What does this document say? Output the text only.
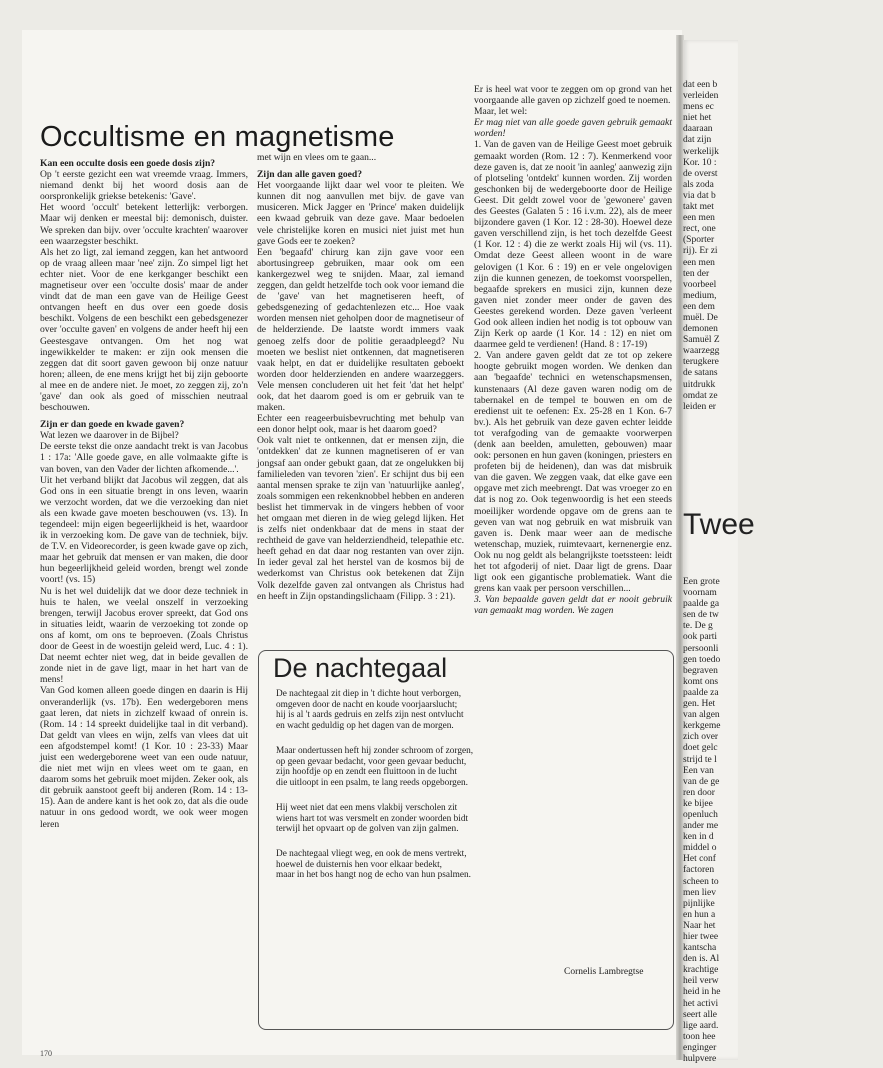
dat een b
verleiden
mens ec
niet het
daaraan
dat zijn
werkelijk
Kor. 10 :
de overst
als zoda
via dat b
takt met
een men
rect, one
(Sporter
rij). Er zi
een men
ten der
voorbeel
medium,
een dem
muël. De
demonen
Samuël Z
waarzegg
terugkere
de satans
uitdrukk
omdat ze
leiden er
Twee
Een grote
voornam
paalde ga
sen de tw
te. De g
ook parti
persoonli
gen toedo
begraven
komt ons
paalde za
gen. Het
van algen
kerkgeme
zich over
doet gelc
strijd te l
Een van
van de ge
ren door
ke bijee
openluch
ander me
ken in d
middel o
Het conf
factoren
scheen to
men liev
pijnlijke
en hun a
Naar het
hier twee
kantscha
den is. Al
krachtige
heil verw
heid in he
het activi
seert alle
lige aard.
toon hee
enginger
hulpvere
Occultisme en magnetisme

Kan een occulte dosis een goede dosis zijn?

Op 't eerste gezicht een wat vreemde vraag. Immers, niemand denkt bij het woord dosis aan de oorspronkelijk griekse betekenis: 'Gave'.

Het woord 'occult' betekent letterlijk: verborgen. Maar wij denken er meestal bij: demonisch, duister. We spreken dan bijv. over 'occulte krachten' waarover een waarzegster beschikt.

Als het zo ligt, zal iemand zeggen, kan het antwoord op de vraag alleen maar 'nee' zijn. Zo simpel ligt het echter niet. Voor de ene kerkganger beschikt een magnetiseur over een 'occulte dosis' maar de ander vindt dat de man een gave van de Heilige Geest ontvangen heeft en dus over een goede dosis beschikt. Volgens de een beschikt een gebedsgenezer over 'occulte gaven' en volgens de ander heeft hij een Geestesgave ontvangen. Om het nog wat ingewikkelder te maken: er zijn ook mensen die zeggen dat dit soort gaven gewoon bij onze natuur horen; alleen, de ene mens krijgt het bij zijn geboorte al mee en de andere niet. Je moet, zo zeggen zij, zo'n 'gave' dan ook als goed of misschien neutraal beschouwen.

Zijn er dan goede en kwade gaven?

Wat lezen we daarover in de Bijbel?

De eerste tekst die onze aandacht trekt is van Jacobus 1 : 17a: 'Alle goede gave, en alle volmaakte gifte is van boven, van den Vader der lichten afkomende...'.

Uit het verband blijkt dat Jacobus wil zeggen, dat als God ons in een situatie brengt in ons leven, waarin we verzocht worden, dat we die verzoeking dan niet als een kwade gave moeten beschouwen (vs. 13). In tegendeel: mijn eigen begeerlijkheid is het, waardoor ik in verzoeking kom. De gave van de techniek, bijv. de T.V. en Videorecorder, is geen kwade gave op zich, maar het gebruik dat mensen er van maken, die door hun begeerlijkheid geleid worden, brengt wel zonde voort! (vs. 15)

Nu is het wel duidelijk dat we door deze techniek in huis te halen, we veelal onszelf in verzoeking brengen, terwijl Jacobus erover spreekt, dat God ons in situaties leidt, waarin de verzoeking tot zonde op ons af komt, om ons te beproeven. (Zoals Christus door de Geest in de woestijn geleid werd, Luc. 4 : 1). Dat neemt echter niet weg, dat in beide gevallen de zonde niet in de gave ligt, maar in het hart van de mens!

Van God komen alleen goede dingen en daarin is Hij onveranderlijk (vs. 17b). Een wedergeboren mens gaat leren, dat niets in zichzelf kwaad of onrein is. (Rom. 14 : 14 spreekt duidelijke taal in dit verband). Dat geldt van vlees en wijn, zelfs van vlees dat uit een afgodstempel komt! (1 Kor. 10 : 23-33) Maar juist een wedergeborene weet van een oude natuur, die niet met wijn en vlees weet om te gaan, en daarom soms het gebruik moet mijden. Zeker ook, als dit gebruik aanstoot geeft bij anderen (Rom. 14 : 13-15). Aan de andere kant is het ook zo, dat als die oude natuur in ons gedood wordt, we ook weer mogen leren

met wijn en vlees om te gaan...

Zijn dan alle gaven goed?

Het voorgaande lijkt daar wel voor te pleiten. We kunnen dit nog aanvullen met bijv. de gave van musiceren. Mick Jagger en 'Prince' maken duidelijk een kwaad gebruik van deze gave. Maar bedoelen vele christelijke koren en musici niet juist met hun gave Gods eer te zoeken?

Een 'begaafd' chirurg kan zijn gave voor een abortusingreep gebruiken, maar ook om een kankergezwel weg te snijden. Maar, zal iemand zeggen, dan geldt hetzelfde toch ook voor iemand die de 'gave' van het magnetiseren heeft, of gebedsgenezing of gedachtenlezen etc... Hoe vaak worden mensen niet geholpen door de magnetiseur of de helderziende. De laatste wordt immers vaak genoeg zelfs door de politie geraadpleegd? Nu moeten we beslist niet ontkennen, dat magnetiseren vaak helpt, en dat er duidelijke resultaten geboekt worden door helderzienden en andere waarzeggers. Vele mensen concluderen uit het feit 'dat het helpt' ook, dat het daarom goed is om er gebruik van te maken.

Echter een reageerbuisbevruchting met behulp van een donor helpt ook, maar is het daarom goed?

Ook valt niet te ontkennen, dat er mensen zijn, die 'ontdekken' dat ze kunnen magnetiseren of er van jongsaf aan onder gebukt gaan, dat ze ongelukken bij familieleden van tevoren 'zien'. Er schijnt dus bij een aantal mensen sprake te zijn van 'natuurlijke aanleg', zoals sommigen een rekenknobbel hebben en anderen beslist het timmervak in de vingers hebben of voor het omgaan met dieren in de wieg gelegd lijken. Het is zelfs niet ondenkbaar dat de mens in staat der rechtheid de gave van helderziendheid, telepathie etc. heeft gehad en dat daar nog restanten van over zijn. In ieder geval zal het herstel van de kosmos bij de wederkomst van Christus ook betekenen dat Zijn Volk dezelfde gaven zal ontvangen als Christus had en heeft in Zijn opstandingslichaam (Filipp. 3 : 21).

Er is heel wat voor te zeggen om op grond van het voorgaande alle gaven op zichzelf goed te noemen.

Maar, let wel:

Er mag niet van alle goede gaven gebruik gemaakt worden!

1. Van de gaven van de Heilige Geest moet gebruik gemaakt worden (Rom. 12 : 7). Kenmerkend voor deze gaven is, dat ze nooit 'in aanleg' aanwezig zijn of plotseling 'ontdekt' kunnen worden. Zij worden geschonken bij de wedergeboorte door de Heilige Geest. Dit geldt zowel voor de 'gewonere' gaven des Geestes (Galaten 5 : 16 i.v.m. 22), als de meer bijzondere gaven (1 Kor. 12 : 28-30). Hoewel deze gaven verschillend zijn, is het toch dezelfde Geest (1 Kor. 12 : 4) die ze werkt zoals Hij wil (vs. 11). Omdat deze Geest alleen woont in de ware gelovigen (1 Kor. 6 : 19) en er vele ongelovigen zijn die kunnen genezen, de toekomst voorspellen, begaafde sprekers en musici zijn, kunnen deze gaven niet zonder meer onder de gaven des Geestes gerekend worden. Deze gaven 'verleent God ook alleen indien het nodig is tot opbouw van Zijn Kerk op aarde (1 Kor. 14 : 12) en niet om daarmee geld te verdienen! (Hand. 8 : 17-19)

2. Van andere gaven geldt dat ze tot op zekere hoogte gebruikt mogen worden. We denken dan aan 'begaafde' technici en wetenschapsmensen, kunstenaars (Al deze gaven waren nodig om de tabernakel en de tempel te bouwen en om de eredienst uit te oefenen: Ex. 25-28 en 1 Kon. 6-7 bv.). Als het gebruik van deze gaven echter leidde tot verafgoding van de gemaakte voorwerpen (denk aan beelden, amuletten, gebouwen) maar ook: personen en hun gaven (koningen, priesters en profeten bij de heidenen), dan was dat misbruik van die gaven. We zeggen vaak, dat elke gave een opgave met zich meebrengt. Dat was vroeger zo en dat is nog zo. Ook tegenwoordig is het een steeds moeilijker wordende opgave om de grens aan te geven van wat nog gebruik en wat misbruik van gaven is. Denk maar weer aan de medische wetenschap, muziek, ruimtevaart, kernenergie enz. Ook nu nog geldt als belangrijkste toetssteen: leidt het tot afgoderij of niet. Daar ligt de grens. Daar ligt ook een gigantische problematiek. Want die grens kan vaak per persoon verschillen...

3. Van bepaalde gaven geldt dat er nooit gebruik van gemaakt mag worden. We zagen

De nachtegaal

De nachtegaal zit diep in 't dichte hout verborgen,
omgeven door de nacht en koude voorjaarslucht;
hij is al 't aards gedruis en zelfs zijn nest ontvlucht
en wacht geduldig op het dagen van de morgen.

Maar ondertussen heft hij zonder schroom of zorgen,
op geen gevaar bedacht, voor geen gevaar beducht,
zijn hoofdje op en zendt een fluittoon in de lucht
die uitloopt in een psalm, te lang reeds opgeborgen.

Hij weet niet dat een mens vlakbij verscholen zit
wiens hart tot was versmelt en zonder woorden bidt
terwijl het opvaart op de golven van zijn galmen.

De nachtegaal vliegt weg, en ook de mens vertrekt,
hoewel de duisternis hen voor elkaar bedekt,
maar in het bos hangt nog de echo van hun psalmen.

Cornelis Lambregtse
170
